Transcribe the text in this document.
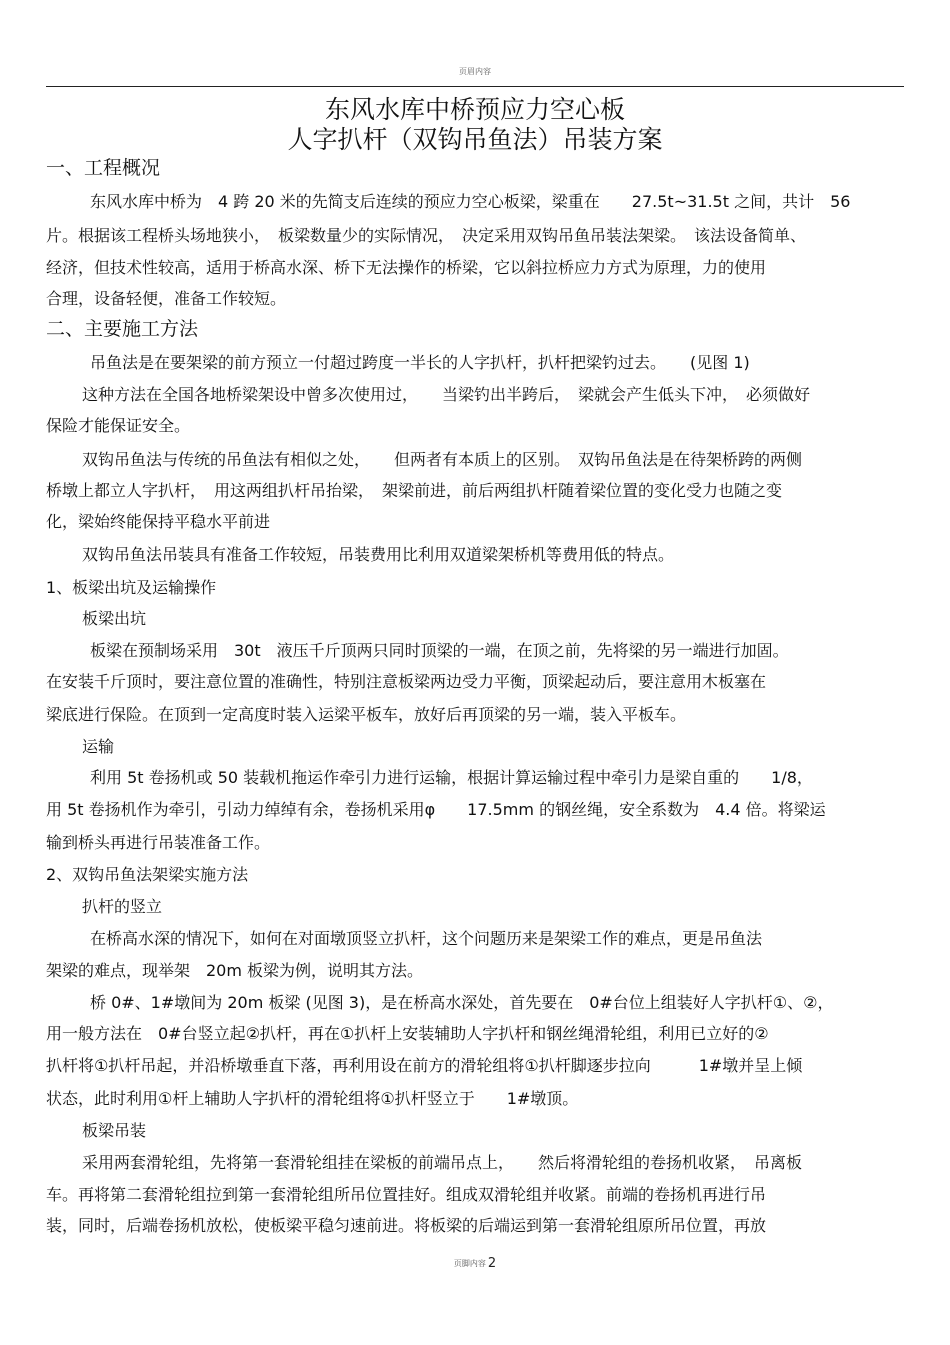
页眉内容
东风水库中桥预应力空心板
人字扒杆（双钩吊鱼法）吊装方案
一、工程概况
东风水库中桥为　4 跨 20 米的先简支后连续的预应力空心板梁，梁重在　　27.5t~31.5t 之间，共计　56
片。根据该工程桥头场地狭小，　板梁数量少的实际情况，　决定采用双钩吊鱼吊装法架梁。　该法设备简单、
经济，但技术性较高，适用于桥高水深、桥下无法操作的桥梁，它以斜拉桥应力方式为原理，力的使用
合理，设备轻便，准备工作较短。
二、主要施工方法
吊鱼法是在要架梁的前方预立一付超过跨度一半长的人字扒杆，扒杆把梁钓过去。　　(见图 1)
这种方法在全国各地桥梁架设中曾多次使用过，　　当梁钓出半跨后，　梁就会产生低头下冲，　必须做好
保险才能保证安全。
双钩吊鱼法与传统的吊鱼法有相似之处，　　但两者有本质上的区别。　双钩吊鱼法是在待架桥跨的两侧
桥墩上都立人字扒杆，　用这两组扒杆吊抬梁，　架梁前进，前后两组扒杆随着梁位置的变化受力也随之变
化，梁始终能保持平稳水平前进
双钩吊鱼法吊装具有准备工作较短，吊装费用比利用双道梁架桥机等费用低的特点。
1、板梁出坑及运输操作
板梁出坑
板梁在预制场采用　30t　液压千斤顶两只同时顶梁的一端，在顶之前，先将梁的另一端进行加固。
在安装千斤顶时，要注意位置的准确性，特别注意板梁两边受力平衡，顶梁起动后，要注意用木板塞在
梁底进行保险。在顶到一定高度时装入运梁平板车，放好后再顶梁的另一端，装入平板车。
运输
利用 5t 卷扬机或 50 装载机拖运作牵引力进行运输，根据计算运输过程中牵引力是梁自重的　　1/8，
用 5t 卷扬机作为牵引，引动力绰绰有余，卷扬机采用φ　　17.5mm 的钢丝绳，安全系数为　4.4 倍。将梁运
输到桥头再进行吊装准备工作。
2、双钩吊鱼法架梁实施方法
扒杆的竖立
在桥高水深的情况下，如何在对面墩顶竖立扒杆，这个问题历来是架梁工作的难点，更是吊鱼法
架梁的难点，现举架　20m 板梁为例，说明其方法。
桥 0#、1#墩间为 20m 板梁 (见图 3)，是在桥高水深处，首先要在　0#台位上组装好人字扒杆①、②，
用一般方法在　0#台竖立起②扒杆，再在①扒杆上安装辅助人字扒杆和钢丝绳滑轮组，利用已立好的②
扒杆将①扒杆吊起，并沿桥墩垂直下落，再利用设在前方的滑轮组将①扒杆脚逐步拉向　　　1#墩并呈上倾
状态，此时利用①杆上辅助人字扒杆的滑轮组将①扒杆竖立于　　1#墩顶。
板梁吊装
采用两套滑轮组，先将第一套滑轮组挂在梁板的前端吊点上，　　然后将滑轮组的卷扬机收紧，　吊离板
车。再将第二套滑轮组拉到第一套滑轮组所吊位置挂好。组成双滑轮组并收紧。前端的卷扬机再进行吊
装，同时，后端卷扬机放松，使板梁平稳匀速前进。将板梁的后端运到第一套滑轮组原所吊位置，再放
页脚内容 2
